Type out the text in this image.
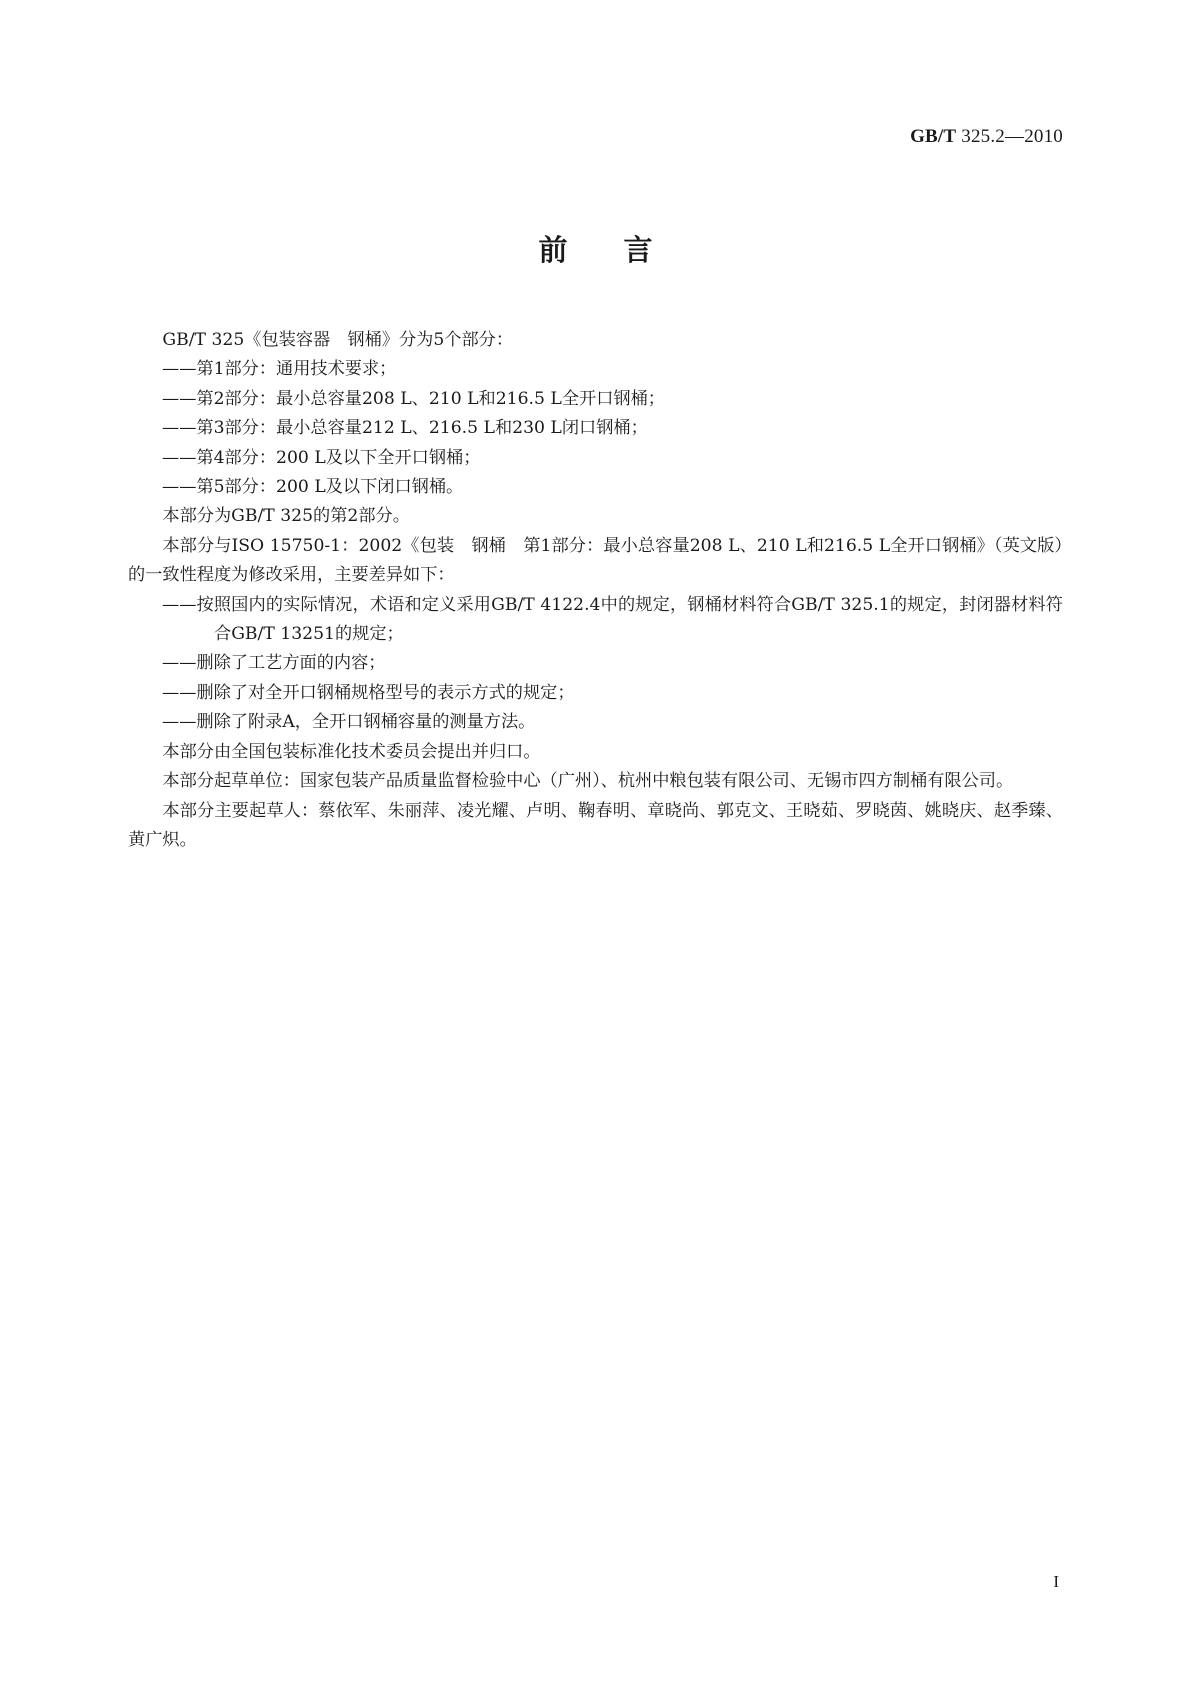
GB/T 325.2—2010
前言

GB/T 325《包装容器　钢桶》分为5个部分：

——第1部分：通用技术要求；

——第2部分：最小总容量208 L、210 L和216.5 L全开口钢桶；

——第3部分：最小总容量212 L、216.5 L和230 L闭口钢桶；

——第4部分：200 L及以下全开口钢桶；

——第5部分：200 L及以下闭口钢桶。

本部分为GB/T 325的第2部分。

本部分与ISO 15750-1：2002《包装　钢桶　第1部分：最小总容量208 L、210 L和216.5 L全开口钢桶》（英文版）的一致性程度为修改采用，主要差异如下：

——按照国内的实际情况，术语和定义采用GB/T 4122.4中的规定，钢桶材料符合GB/T 325.1的规定，封闭器材料符合GB/T 13251的规定；

——删除了工艺方面的内容；

——删除了对全开口钢桶规格型号的表示方式的规定；

——删除了附录A，全开口钢桶容量的测量方法。

本部分由全国包装标准化技术委员会提出并归口。

本部分起草单位：国家包装产品质量监督检验中心（广州）、杭州中粮包装有限公司、无锡市四方制桶有限公司。

本部分主要起草人：蔡依军、朱丽萍、凌光耀、卢明、鞠春明、章晓尚、郭克文、王晓茹、罗晓茵、姚晓庆、赵季臻、黄广炽。

I
